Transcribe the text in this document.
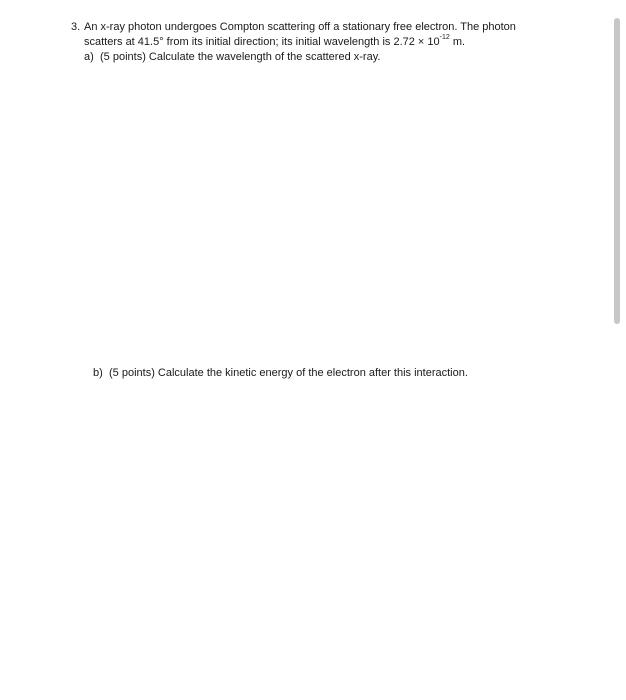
3. An x-ray photon undergoes Compton scattering off a stationary free electron. The photon
scatters at 41.5° from its initial direction; its initial wavelength is $2.72 \times 10^{-12}$ m.
a) (5 points) Calculate the wavelength of the scattered x-ray.
b) (5 points) Calculate the kinetic energy of the electron after this interaction.
